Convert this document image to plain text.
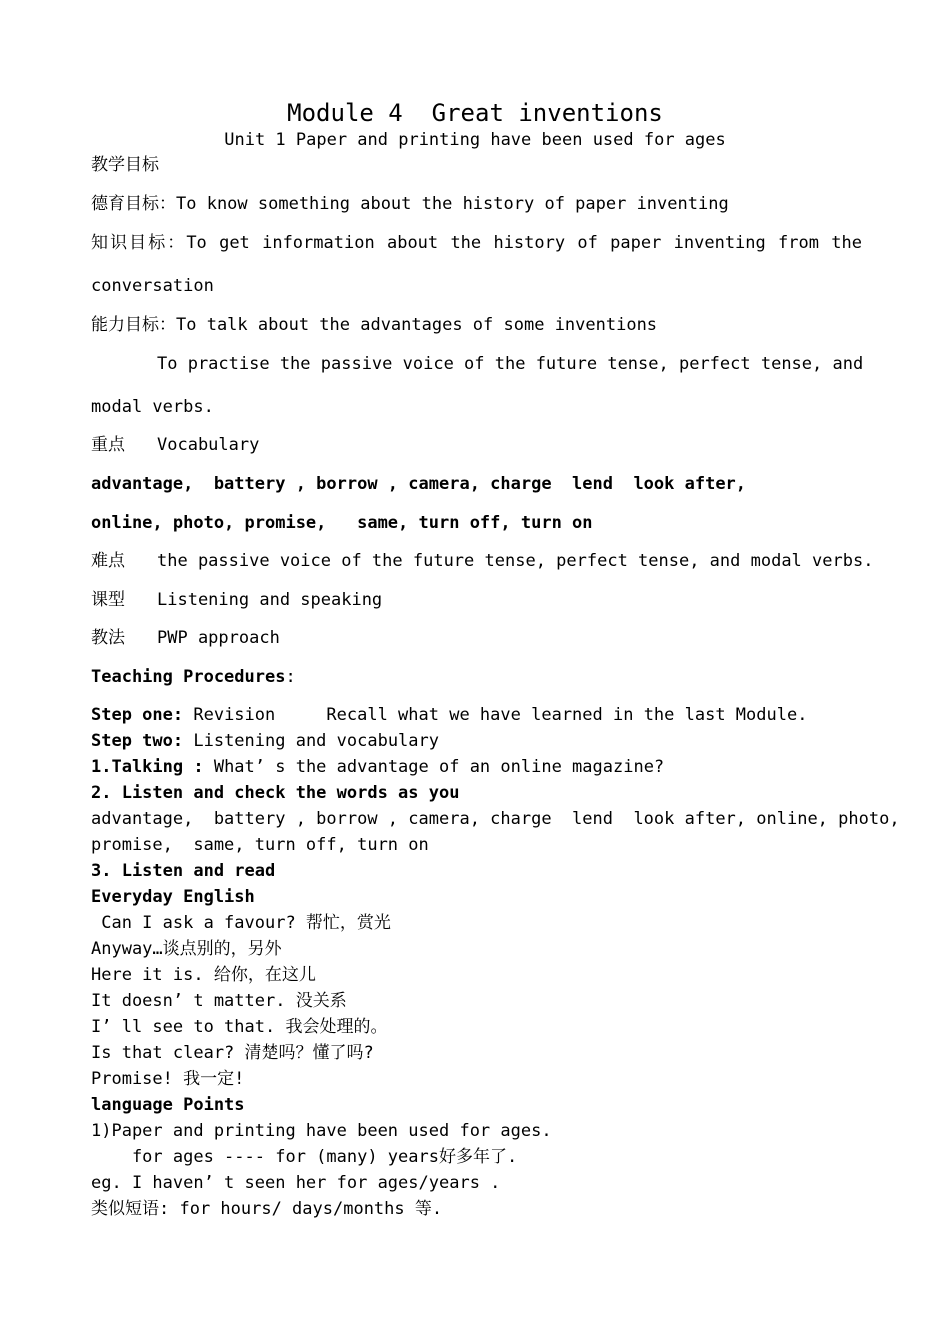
Module 4  Great inventions
Unit 1 Paper and printing have been used for ages
教学目标
德育目标：To know something about the history of paper inventing
知识目标：To get information about the history of paper inventing from the
conversation
能力目标：To talk about the advantages of some inventions
To practise the passive voice of the future tense, perfect tense, and
modal verbs.
重点	Vocabulary
advantage,  battery , borrow , camera, charge  lend  look after,
online, photo, promise,   same, turn off, turn on
难点	the passive voice of the future tense, perfect tense, and modal verbs.
课型	Listening and speaking
教法	PWP approach
Teaching Procedures:
Step one: Revision     Recall what we have learned in the last Module.
Step two: Listening and vocabulary
1.Talking : What’ s the advantage of an online magazine?
2. Listen and check the words as you
advantage,  battery , borrow , camera, charge  lend  look after, online, photo,
promise,  same, turn off, turn on
3. Listen and read
Everyday English
Can I ask a favour? 帮忙，赏光
Anyway…谈点别的，另外
Here it is. 给你，在这儿
It doesn’ t matter. 没关系
I’ ll see to that. 我会处理的。
Is that clear? 清楚吗？懂了吗?
Promise! 我一定!
language Points
1)Paper and printing have been used for ages.
for ages ---- for (many) years好多年了.
eg. I haven’ t seen her for ages/years .
类似短语: for hours/ days/months 等.
